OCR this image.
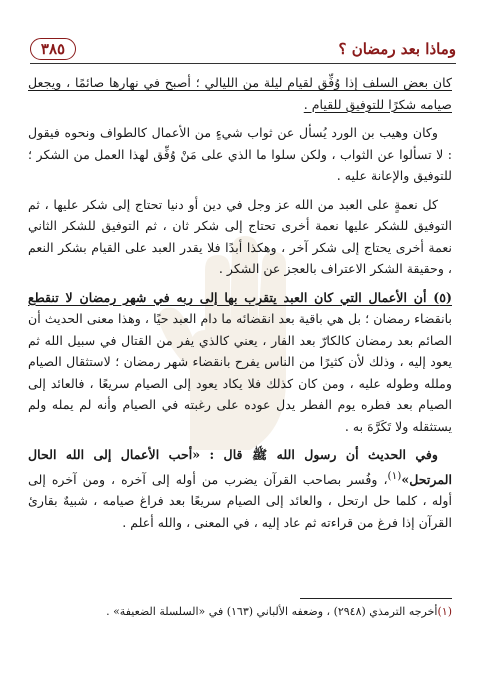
٣٨٥	وماذا بعد رمضان ؟

كان بعض السلف إذا وُفِّق لقيام ليلة من الليالي ؛ أصبح في نهارها صائمًا ، ويجعل صيامه شكرًا للتوفيق للقيام .

وكان وهيب بن الورد يُسأل عن ثواب شيءٍ من الأعمال كالطواف ونحوه فيقول : لا تسألوا عن الثواب ، ولكن سلوا ما الذي على مَنْ وُفِّق لهذا العمل من الشكر ؛ للتوفيق والإعانة عليه .

كل نعمةٍ على العبد من الله عز وجل في دين أو دنيا تحتاج إلى شكر عليها ، ثم التوفيق للشكر عليها نعمة أخرى تحتاج إلى شكر ثان ، ثم التوفيق للشكر الثاني نعمة أخرى يحتاج إلى شكر آخر ، وهكذا أبدًا فلا يقدر العبد على القيام بشكر النعم ، وحقيقة الشكر الاعتراف بالعجز عن الشكر .

(٥) أن الأعمال التي كان العبد يتقرب بها إلى ربه في شهر رمضان لا تنقطع بانقضاء رمضان ؛ بل هي باقية بعد انقضائه ما دام العبد حيًا ، وهذا معنى الحديث أن الصائم بعد رمضان كالكارّ بعد الفار ، يعني كالذي يفر من القتال في سبيل الله ثم يعود إليه ، وذلك لأن كثيرًا من الناس يفرح بانقضاء شهر رمضان ؛ لاستثقال الصيام وملله وطوله عليه ، ومن كان كذلك فلا يكاد يعود إلى الصيام سريعًا ، فالعائد إلى الصيام بعد فطره يوم الفطر يدل عوده على رغبته في الصيام وأنه لم يمله ولم يستثقله ولا تَكَرَّهَ به .

وفي الحديث أن رسول الله ﷺ قال : «أحب الأعمال إلى الله الحال المرتحل»$^{(١)}$، وفُسر بصاحب القرآن يضرب من أوله إلى آخره ، ومن آخره إلى أوله ، كلما حل ارتحل ، والعائد إلى الصيام سريعًا بعد فراغ صيامه ، شبيهٌ بقارئ القرآن إذا فرغ من قراءته ثم عاد إليه ، في المعنى ، والله أعلم .

(١)أخرجه الترمذي (٢٩٤٨) ، وضعفه الألباني (١٦٣) في «السلسلة الضعيفة» .
